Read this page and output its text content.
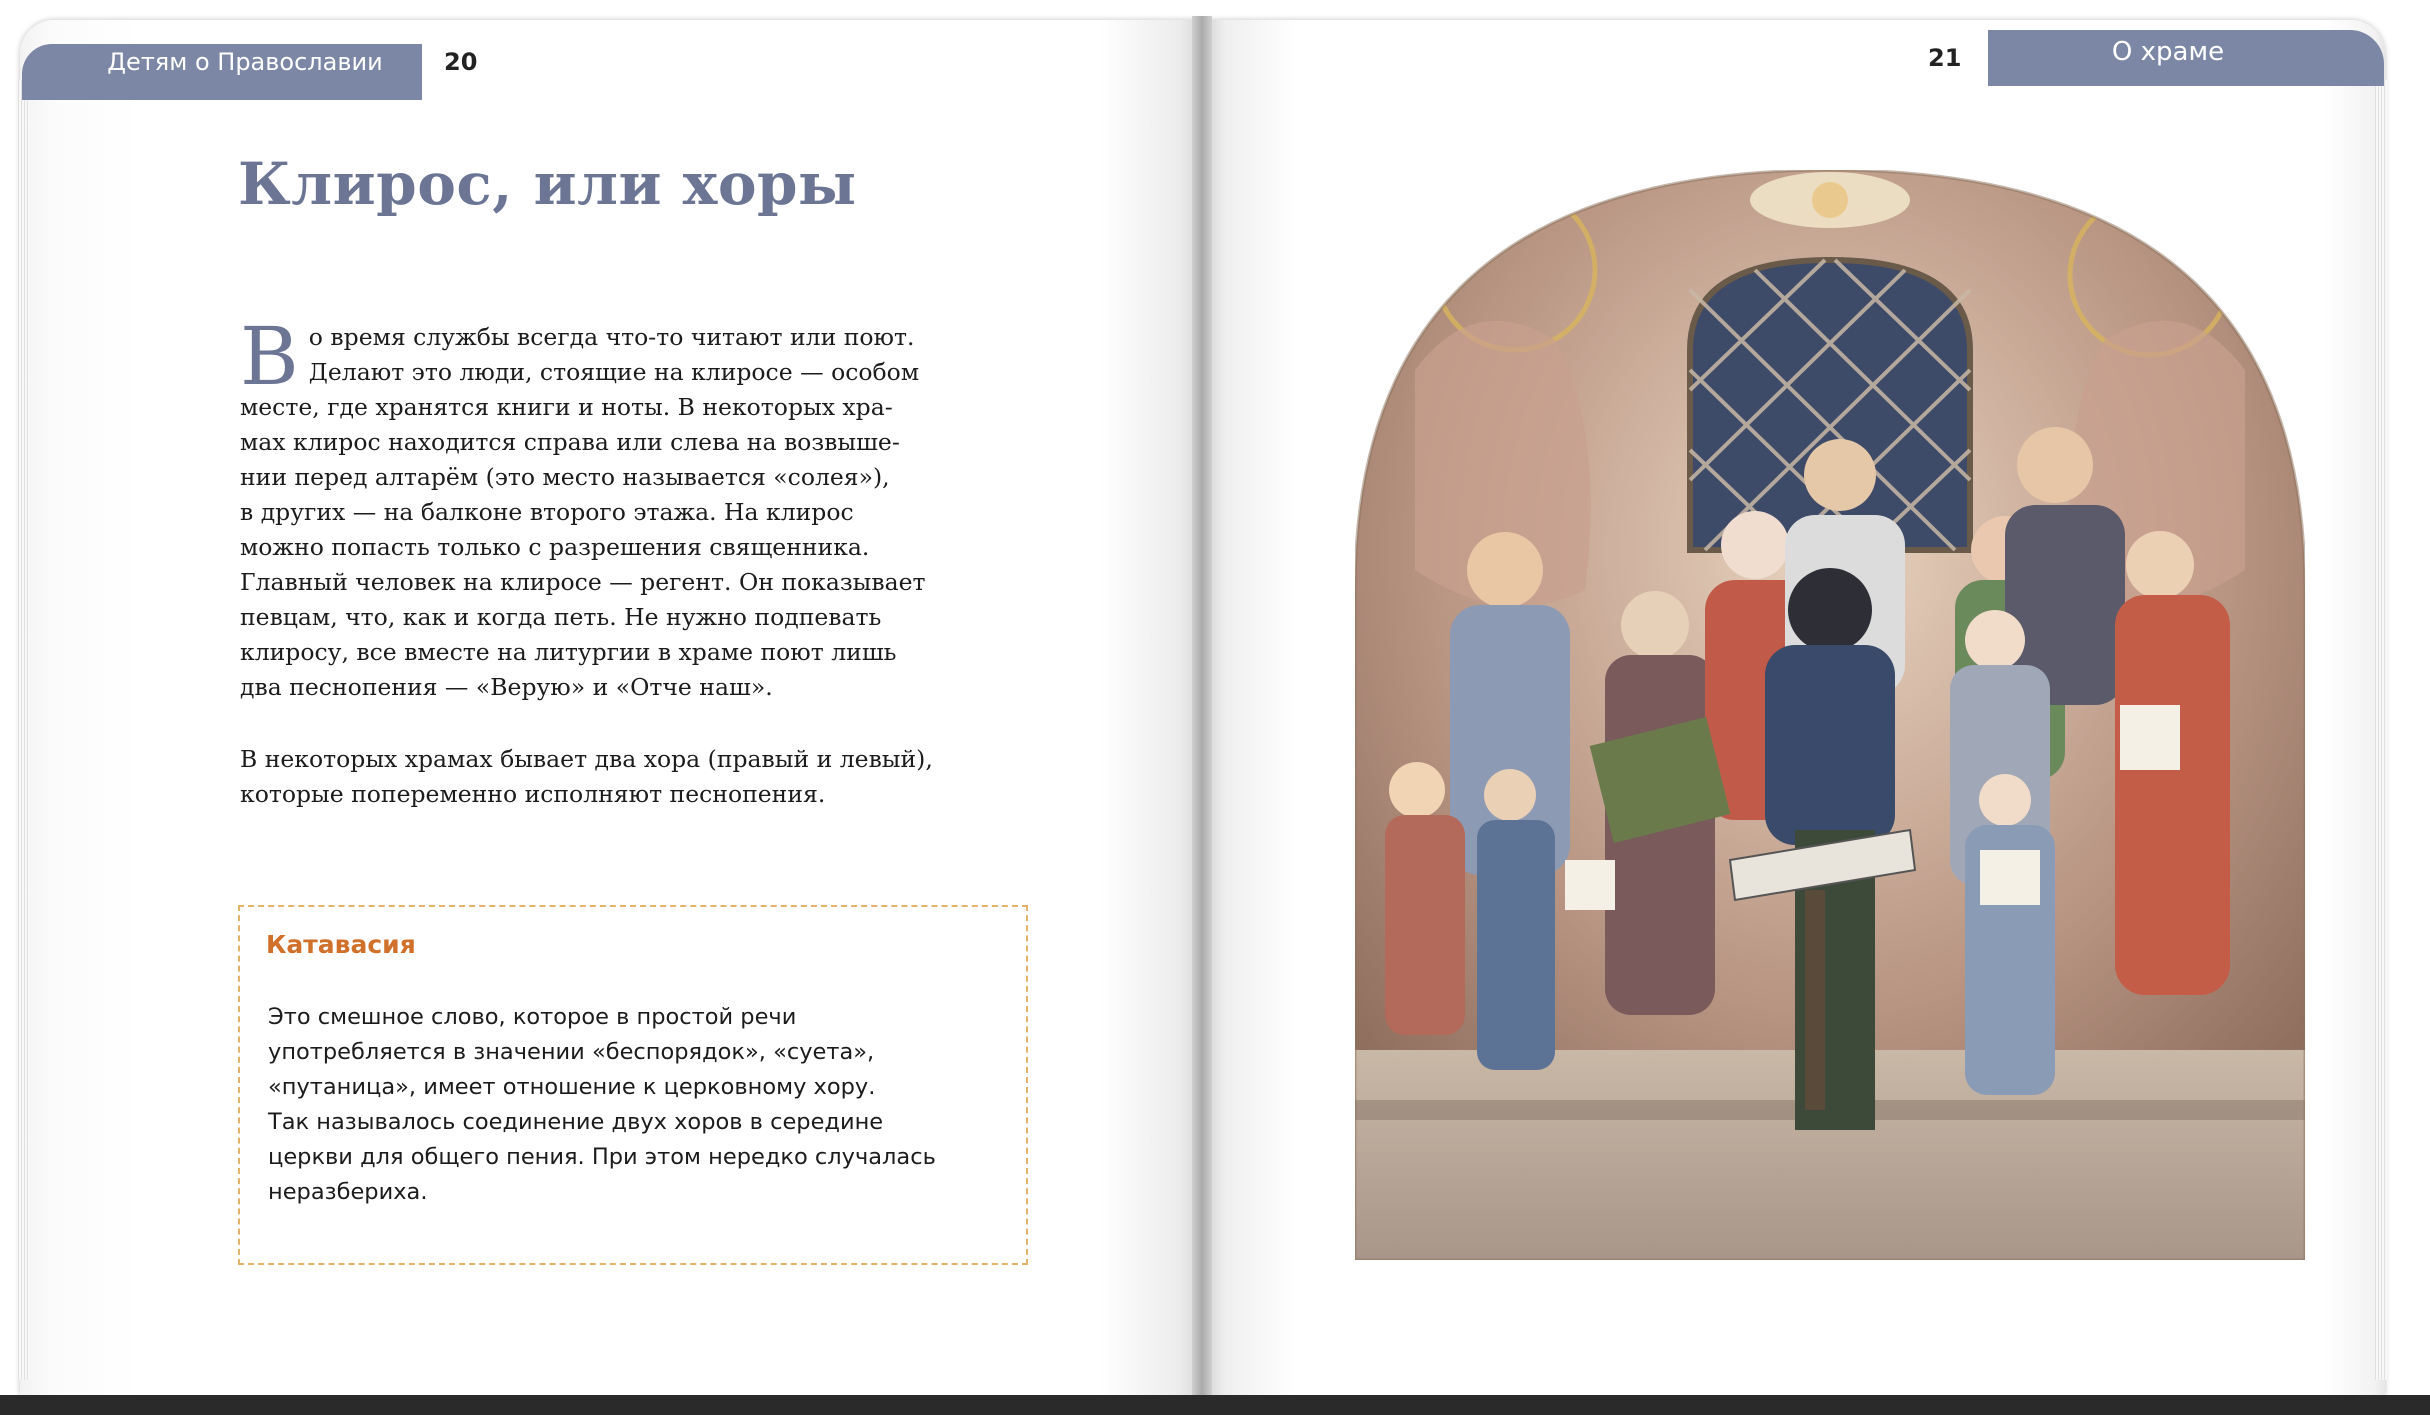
Детям о Православии	20	О храме
21
Клирос, или хоры

В о время службы всегда что-то читают или поют.
Делают это люди, стоящие на клиросе — особом
месте, где хранятся книги и ноты. В некоторых хра-
мах клирос находится справа или слева на возвыше-
нии перед алтарём (это место называется «солея»),
в других — на балконе второго этажа. На клирос
можно попасть только с разрешения священника.

Главный человек на клиросе — регент. Он показывает
певцам, что, как и когда петь. Не нужно подпевать
клиросу, все вместе на литургии в храме поют лишь
два песнопения — «Верую» и «Отче наш».

В некоторых храмах бывает два хора (правый и левый),
которые попеременно исполняют песнопения.

Катавасия

Это смешное слово, которое в простой речи
употребляется в значении «беспорядок», «суета»,
«путаница», имеет отношение к церковному хору.
Так называлось соединение двух хоров в середине
церкви для общего пения. При этом нередко случалась
неразбериха.
